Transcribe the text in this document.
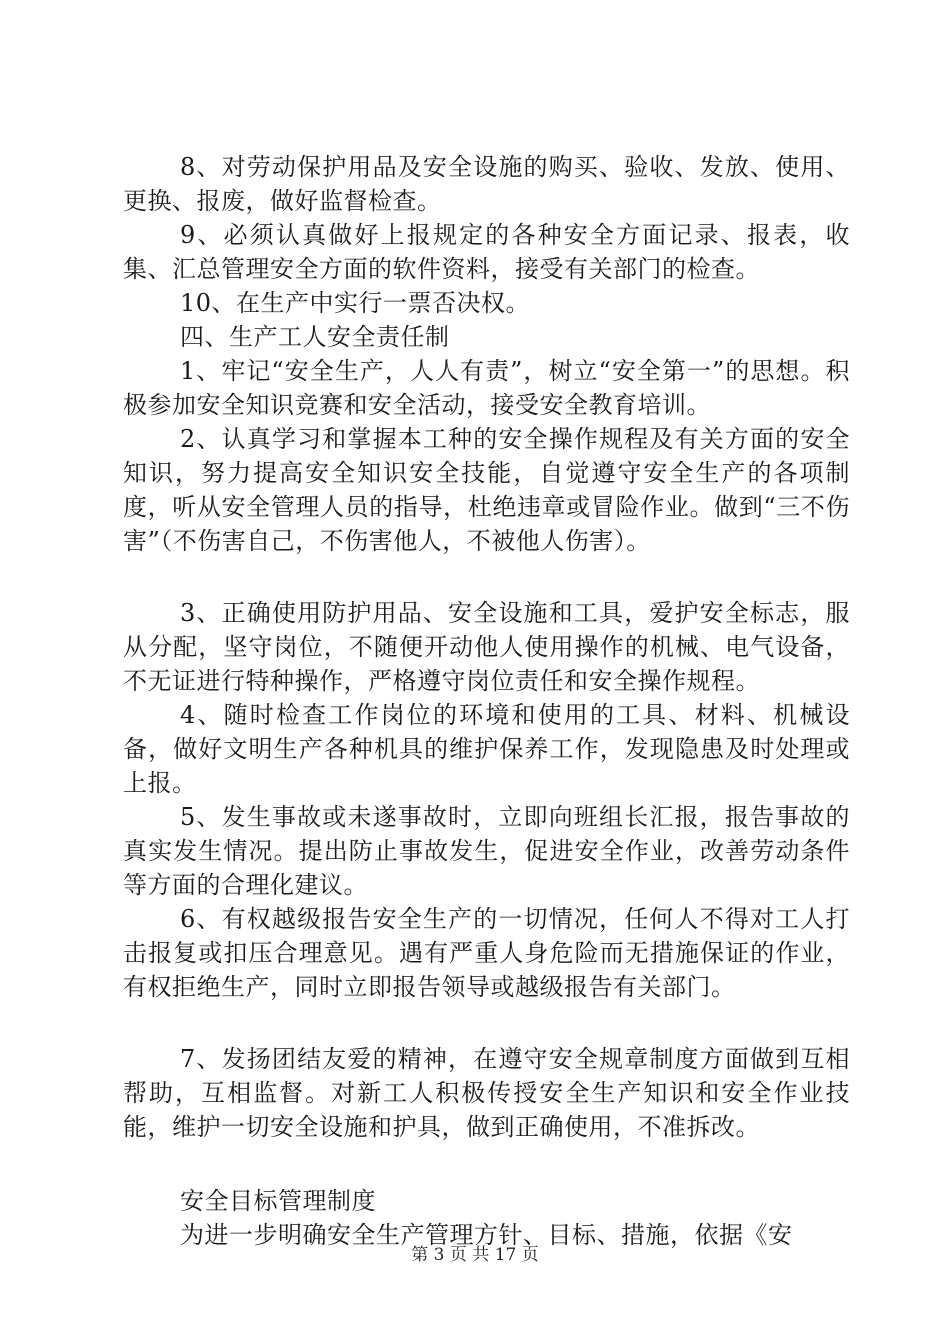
8、对劳动保护用品及安全设施的购买、验收、发放、使用、更换、报废，做好监督检查。

9、必须认真做好上报规定的各种安全方面记录、报表，收集、汇总管理安全方面的软件资料，接受有关部门的检查。

10、在生产中实行一票否决权。

四、生产工人安全责任制

1、牢记“安全生产，人人有责”，树立“安全第一”的思想。积极参加安全知识竞赛和安全活动，接受安全教育培训。

2、认真学习和掌握本工种的安全操作规程及有关方面的安全知识，努力提高安全知识安全技能，自觉遵守安全生产的各项制度，听从安全管理人员的指导，杜绝违章或冒险作业。做到“三不伤害”（不伤害自己，不伤害他人，不被他人伤害）。

3、正确使用防护用品、安全设施和工具，爱护安全标志，服从分配，坚守岗位，不随便开动他人使用操作的机械、电气设备，不无证进行特种操作，严格遵守岗位责任和安全操作规程。

4、随时检查工作岗位的环境和使用的工具、材料、机械设备，做好文明生产各种机具的维护保养工作，发现隐患及时处理或上报。

5、发生事故或未遂事故时，立即向班组长汇报，报告事故的真实发生情况。提出防止事故发生，促进安全作业，改善劳动条件等方面的合理化建议。

6、有权越级报告安全生产的一切情况，任何人不得对工人打击报复或扣压合理意见。遇有严重人身危险而无措施保证的作业，有权拒绝生产，同时立即报告领导或越级报告有关部门。

7、发扬团结友爱的精神，在遵守安全规章制度方面做到互相帮助，互相监督。对新工人积极传授安全生产知识和安全作业技能，维护一切安全设施和护具，做到正确使用，不准拆改。

安全目标管理制度

为进一步明确安全生产管理方针、目标、措施，依据《安

第 3 页 共 17 页
